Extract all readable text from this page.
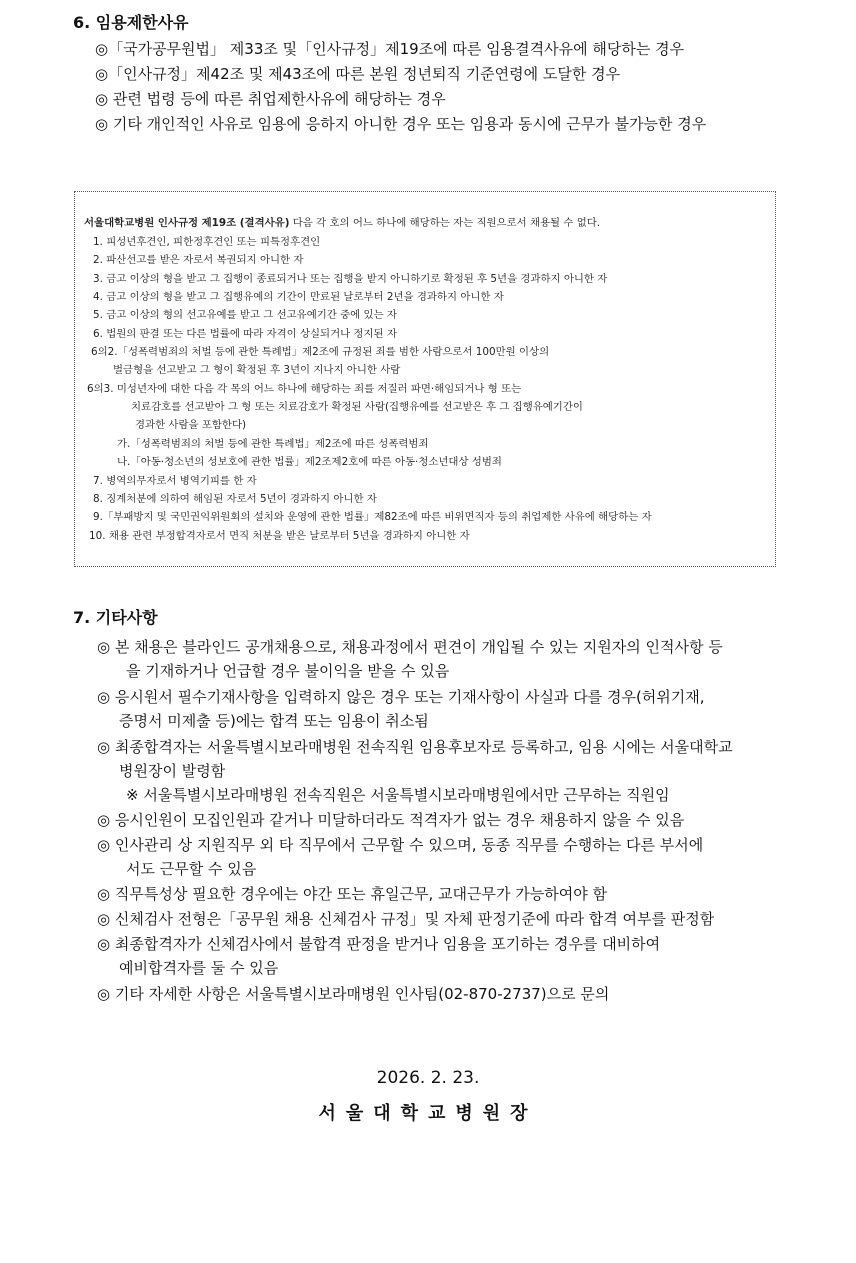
6. 임용제한사유
◎「국가공무원법」 제33조 및「인사규정」제19조에 따른 임용결격사유에 해당하는 경우
◎「인사규정」제42조 및 제43조에 따른 본원 정년퇴직 기준연령에 도달한 경우
◎ 관련 법령 등에 따른 취업제한사유에 해당하는 경우
◎ 기타 개인적인 사유로 임용에 응하지 아니한 경우 또는 임용과 동시에 근무가 불가능한 경우
서울대학교병원 인사규정 제19조 (결격사유) 다음 각 호의 어느 하나에 해당하는 자는 직원으로서 채용될 수 없다.
1. 피성년후견인, 피한정후견인 또는 피특정후견인
2. 파산선고를 받은 자로서 복권되지 아니한 자
3. 금고 이상의 형을 받고 그 집행이 종료되거나 또는 집행을 받지 아니하기로 확정된 후 5년을 경과하지 아니한 자
4. 금고 이상의 형을 받고 그 집행유예의 기간이 만료된 날로부터 2년을 경과하지 아니한 자
5. 금고 이상의 형의 선고유예를 받고 그 선고유예기간 중에 있는 자
6. 법원의 판결 또는 다른 법률에 따라 자격이 상실되거나 정지된 자
6의2.「성폭력범죄의 처벌 등에 관한 특례법」제2조에 규정된 죄를 범한 사람으로서 100만원 이상의
벌금형을 선고받고 그 형이 확정된 후 3년이 지나지 아니한 사람
6의3. 미성년자에 대한 다음 각 목의 어느 하나에 해당하는 죄를 저질러 파면·해임되거나 형 또는
치료감호를 선고받아 그 형 또는 치료감호가 확정된 사람(집행유예를 선고받은 후 그 집행유예기간이
경과한 사람을 포함한다)
가.「성폭력범죄의 처벌 등에 관한 특례법」제2조에 따른 성폭력범죄
나.「아동·청소년의 성보호에 관한 법률」제2조제2호에 따른 아동·청소년대상 성범죄
7. 병역의무자로서 병역기피를 한 자
8. 징계처분에 의하여 해임된 자로서 5년이 경과하지 아니한 자
9.「부패방지 및 국민권익위원회의 설치와 운영에 관한 법률」제82조에 따른 비위면직자 등의 취업제한 사유에 해당하는 자
10. 채용 관련 부정합격자로서 면직 처분을 받은 날로부터 5년을 경과하지 아니한 자
7. 기타사항
◎ 본 채용은 블라인드 공개채용으로, 채용과정에서 편견이 개입될 수 있는 지원자의 인적사항 등
을 기재하거나 언급할 경우 불이익을 받을 수 있음
◎ 응시원서 필수기재사항을 입력하지 않은 경우 또는 기재사항이 사실과 다를 경우(허위기재,
증명서 미제출 등)에는 합격 또는 임용이 취소됨
◎ 최종합격자는 서울특별시보라매병원 전속직원 임용후보자로 등록하고, 임용 시에는 서울대학교
병원장이 발령함
※ 서울특별시보라매병원 전속직원은 서울특별시보라매병원에서만 근무하는 직원임
◎ 응시인원이 모집인원과 같거나 미달하더라도 적격자가 없는 경우 채용하지 않을 수 있음
◎ 인사관리 상 지원직무 외 타 직무에서 근무할 수 있으며, 동종 직무를 수행하는 다른 부서에
서도 근무할 수 있음
◎ 직무특성상 필요한 경우에는 야간 또는 휴일근무, 교대근무가 가능하여야 함
◎ 신체검사 전형은「공무원 채용 신체검사 규정」및 자체 판정기준에 따라 합격 여부를 판정함
◎ 최종합격자가 신체검사에서 불합격 판정을 받거나 임용을 포기하는 경우를 대비하여
예비합격자를 둘 수 있음
◎ 기타 자세한 사항은 서울특별시보라매병원 인사팀(02-870-2737)으로 문의
2026. 2. 23.
서울대학교병원장
